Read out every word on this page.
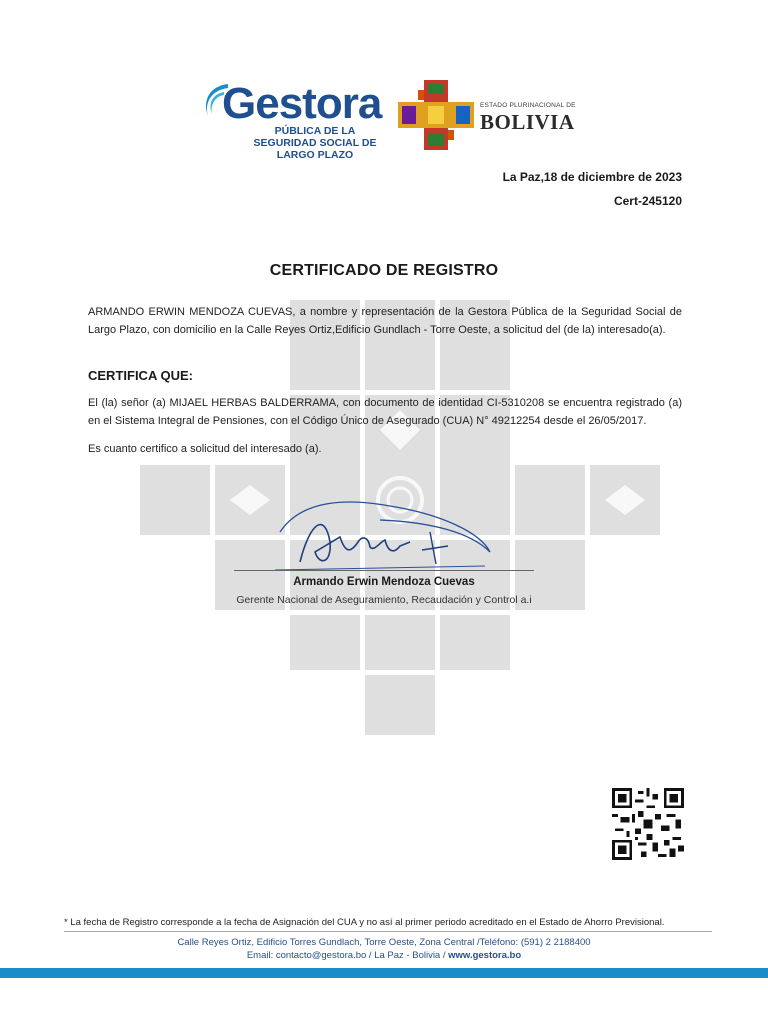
Gestora
PÚBLICA DE LA SEGURIDAD SOCIAL DE LARGO PLAZO
ESTADO PLURINACIONAL DE
BOLIVIA
La Paz,18 de diciembre de 2023
Cert-245120
CERTIFICADO DE REGISTRO
ARMANDO ERWIN MENDOZA CUEVAS, a nombre y representación de la Gestora Pública de la Seguridad Social de Largo Plazo, con domicilio en la Calle Reyes Ortiz,Edificio Gundlach - Torre Oeste, a solicitud del (de la) interesado(a).
CERTIFICA QUE:
El (la) señor (a) MIJAEL HERBAS BALDERRAMA, con documento de identidad CI-5310208 se encuentra registrado (a) en el Sistema Integral de Pensiones, con el Código Único de Asegurado (CUA) N° 49212254 desde el 26/05/2017.
Es cuanto certifico a solicitud del interesado (a).
Armando Erwin Mendoza Cuevas
Gerente Nacional de Aseguramiento, Recaudación y Control a.i
* La fecha de Registro corresponde a la fecha de Asignación del CUA y no así al primer periodo acreditado en el Estado de Ahorro Previsional.
Calle Reyes Ortiz, Edificio Torres Gundlach, Torre Oeste, Zona Central /Teléfono: (591) 2 2188400
Email: contacto@gestora.bo / La Paz - Bolivia / www.gestora.bo
